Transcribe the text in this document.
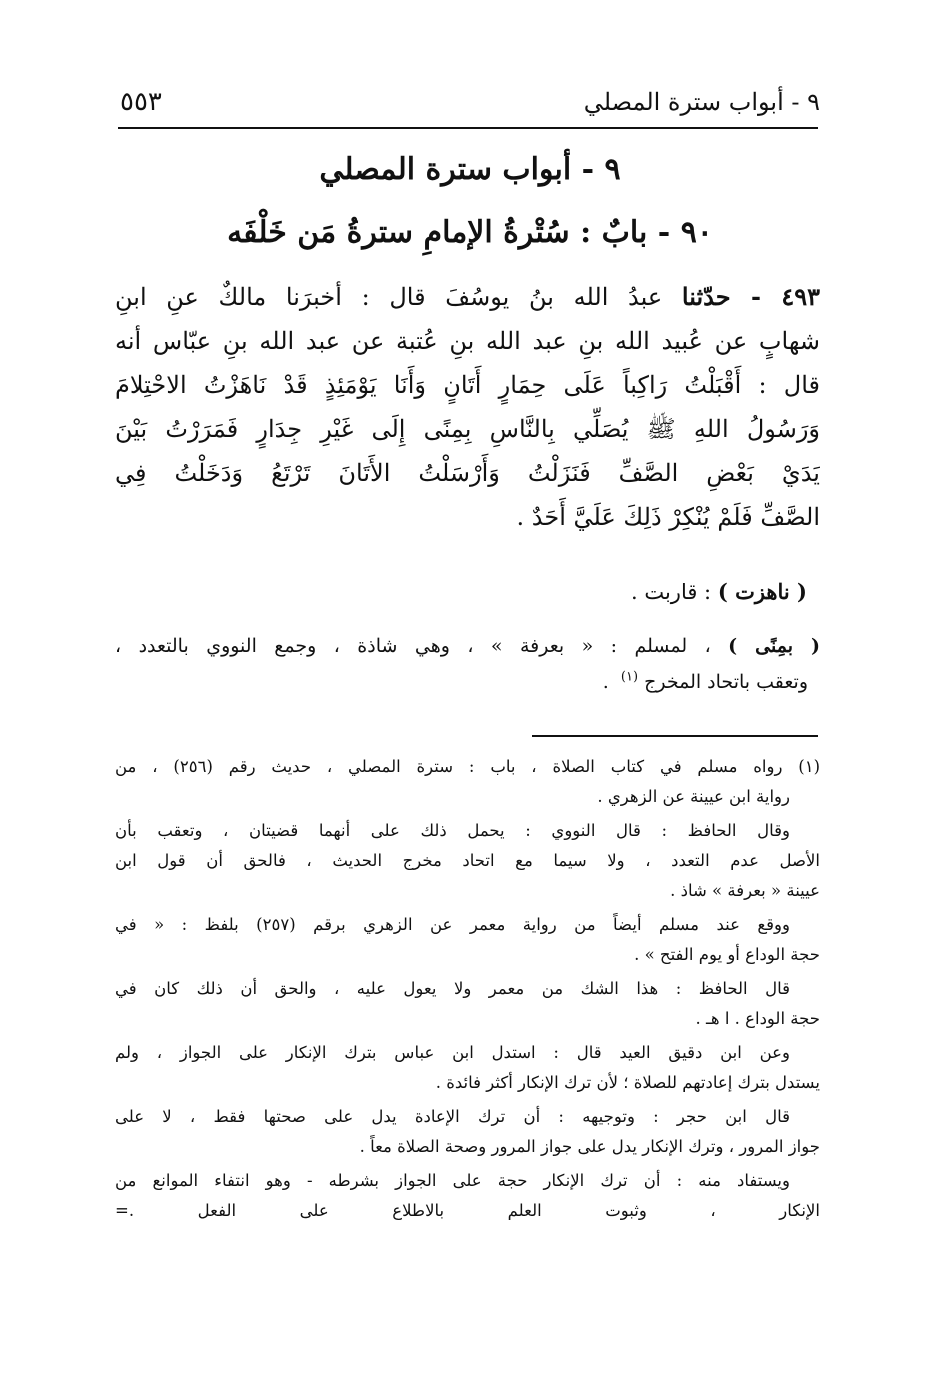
٩ - أبواب سترة المصلي
٥٥٣
٩ - أبواب سترة المصلي
٩٠ - بابٌ : سُتْرةُ الإمامِ سترةُ مَن خَلْفَه
٤٩٣ - حدّثنا عبدُ الله بنُ يوسُفَ قال : أخبرَنا مالكٌ عنِ ابنِ
شهابٍ عن عُبيد الله بنِ عبد الله بنِ عُتبة عن عبد الله بنِ عبّاس أنه
قال : أَقْبَلْتُ رَاكِباً عَلَى حِمَارٍ أَتَانٍ وَأَنَا يَوْمَئِذٍ قَدْ نَاهَزْتُ الاحْتِلامَ
وَرَسُولُ اللهِ ﷺ يُصَلِّي بِالنَّاسِ بِمِنًى إِلَى غَيْرِ جِدَارٍ فَمَرَرْتُ بَيْنَ
يَدَيْ بَعْضِ الصَّفِّ فَنَزَلْتُ وَأَرْسَلْتُ الأَتَانَ تَرْتَعُ وَدَخَلْتُ فِي
الصَّفِّ فَلَمْ يُنْكِرْ ذَلِكَ عَلَيَّ أَحَدٌ .
( ناهزت ) : قاربت .
( بمِنًى ) ، لمسلم : « بعرفة » ، وهي شاذة ، وجمع النووي بالتعدد ،
وتعقب باتحاد المخرج $^{(١)}$  .
(١) رواه مسلم في كتاب الصلاة ، باب : سترة المصلي ، حديث رقم (٢٥٦) ، من
رواية ابن عيينة عن الزهري .
وقال الحافظ : قال النووي : يحمل ذلك على أنهما قضيتان ، وتعقب بأن
الأصل عدم التعدد ، ولا سيما مع اتحاد مخرج الحديث ، فالحق أن قول ابن
عيينة « بعرفة » شاذ .
ووقع عند مسلم أيضاً من رواية معمر عن الزهري برقم (٢٥٧) بلفظ : « في
حجة الوداع أو يوم الفتح » .
قال الحافظ : هذا الشك من معمر ولا يعول عليه ، والحق أن ذلك كان في
حجة الوداع . ا هـ .
وعن ابن دقيق العيد قال : استدل ابن عباس بترك الإنكار على الجواز ، ولم
يستدل بترك إعادتهم للصلاة ؛ لأن ترك الإنكار أكثر فائدة .
قال ابن حجر : وتوجيهه : أن ترك الإعادة يدل على صحتها فقط ، لا على
جواز المرور ، وترك الإنكار يدل على جواز المرور وصحة الصلاة معاً .
ويستفاد منه : أن ترك الإنكار حجة على الجواز بشرطه - وهو انتفاء الموانع من
الإنكار ، وثبوت العلم بالاطلاع على الفعل .=
